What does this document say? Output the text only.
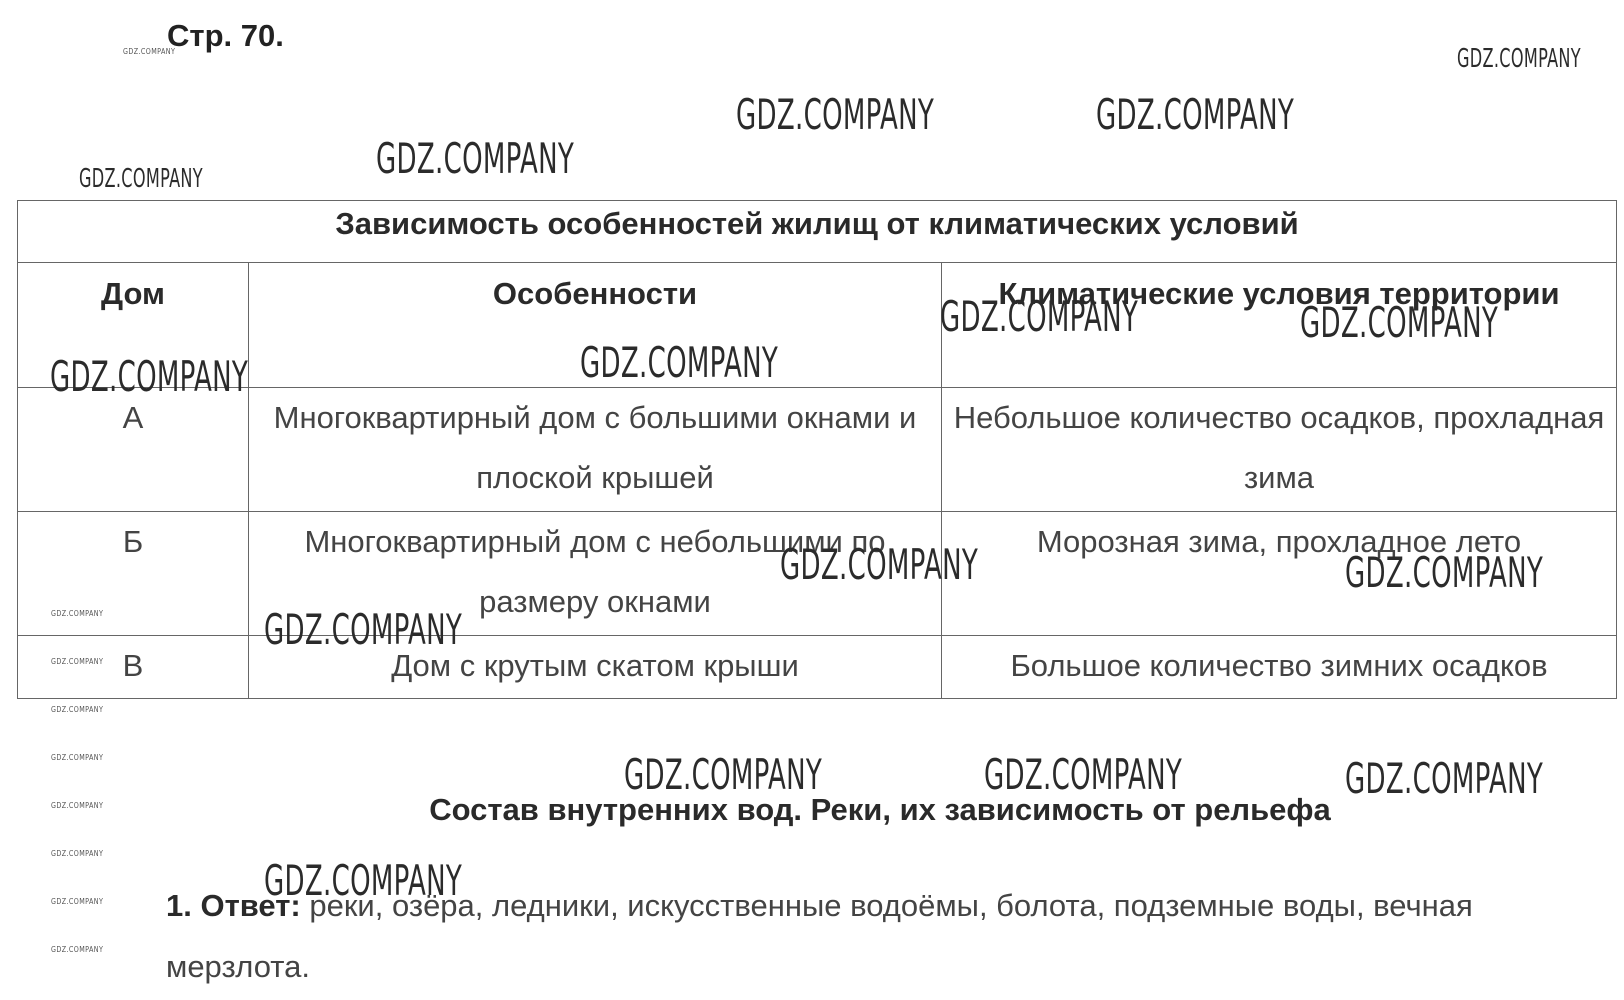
Стр. 70.
Зависимость особенностей жилищ от климатических условий		
Дом	Особенности	Климатические условия территории
А	Многоквартирный дом с большими окнами и плоской крышей	Небольшое количество осадков, прохладная зима
Б	Многоквартирный дом с небольшими по размеру окнами	Морозная зима, прохладное лето
В	Дом с крутым скатом крыши	Большое количество зимних осадков
Состав внутренних вод. Реки, их зависимость от рельефа
1. Ответ: реки, озёра, ледники, искусственные водоёмы, болота, подземные воды, вечная мерзлота.
GDZ.COMPANY	GDZ.COMPANY
GDZ.COMPANY	GDZ.COMPANY
GDZ.COMPANY
GDZ.COMPANY
GDZ.COMPANY	GDZ.COMPANY
GDZ.COMPANY
GDZ.COMPANY
GDZ.COMPANY	GDZ.COMPANY
GDZ.COMPANY
GDZ.COMPANY
GDZ.COMPANY
GDZ.COMPANY
GDZ.COMPANY
GDZ.COMPANY
GDZ.COMPANY
GDZ.COMPANY
GDZ.COMPANY
GDZ.COMPANY	GDZ.COMPANY	GDZ.COMPANY
GDZ.COMPANY
